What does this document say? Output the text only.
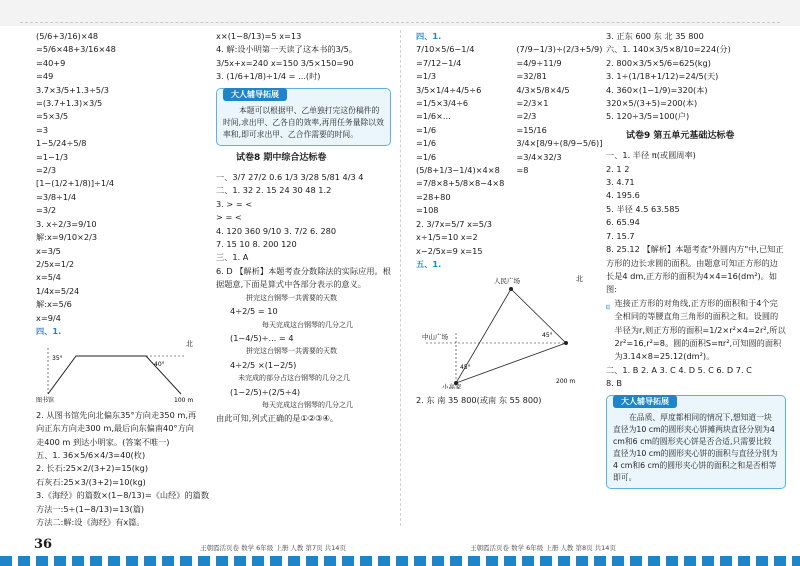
(5/6+3/16)×48
=5/6×48+3/16×48
=40+9
=49
3.7×3/5+1.3÷5/3
=(3.7+1.3)×3/5
=5×3/5
=3
1−5/24÷5/8
=1−1/3
=2/3
[1−(1/2+1/8)]÷1/4
=3/8÷1/4
=3/2
3. x÷2/3=9/10
解:x=9/10×2/3
x=3/5
2/5x=1/2
x=5/4
1/4x=5/24
解:x=5/6
x=9/4
四、1.
35°
40°
图书馆
北
100 m
2. 从图书馆先向北偏东35°方向走350 m,再向正东方向走300 m,最后向东偏南40°方向走400 m 到达小明家。(答案不唯一)
五、1. 36×5/6×4/3=40(枚)
2. 长石:25×2/(3+2)=15(kg)
石灰石:25×3/(3+2)=10(kg)
3.《海经》的篇数×(1−8/13)=《山经》的篇数
方法一:5÷(1−8/13)=13(篇)
方法二:解:设《海经》有x篇。
x×(1−8/13)=5 x=13
4. 解:设小明第一天读了这本书的3/5。
3/5x+x=240 x=150 3/5×150=90
3. (1/6+1/8)÷1/4 = ...(时)
大人辅导拓展

本题可以根据甲、乙单独打完这份稿件的时间,求出甲、乙各自的效率,再用任务量除以效率和,即可求出甲、乙合作需要的时间。

试卷8 期中综合达标卷
一、3/7 27/2 0.6 1/3 3/28 5/81 4/3 4
二、1. 32 2. 15 24 30 48 1.2
3. > = <
> = <
4. 120 360 9/10 3. 7/2 6. 280
7. 15 10 8. 200 120
三、1. A
6. D 【解析】本题考查分数除法的实际应用。根据题意,下面是算式中各部分表示的意义。
拼完这台钢琴一共需要的天数
4÷2/5 = 10
每天完成这台钢琴的几分之几
(1−4/5)÷... = 4
拼完这台钢琴一共需要的天数
4÷2/5 ×(1−2/5)
未完成的部分占这台钢琴的几分之几
(1−2/5)÷(2/5÷4)
每天完成这台钢琴的几分之几
由此可知,列式正确的是①②③④。
四、1.
7/10×5/6−1/4
=7/12−1/4
=1/3
3/5×1/4÷4/5÷6
=1/5×3/4÷6
=1/6×...
=1/6
=1/6
=1/6
(5/8+1/3−1/4)×4×8
=7/8×8+5/8×8−4×8
=28+80
=108
(7/9−1/3)÷(2/3+5/9)
=4/9÷11/9
=32/81
4/3×5/8×4/5
=2/3×1
=2/3
=15/16
3/4×[8/9÷(8/9−5/6)]
=3/4×32/3
=8
2. 3/7x=5/7 x=5/3
x÷1/5=10 x=2
x−2/5x=9 x=15
五、1.
人民广场
中山广场	45°
45°
小高家
200 m
北
2. 东 南 35 800(或南 东 55 800)
3. 正东 600 东 北 35 800
六、1. 140×3/5×8/10=224(分)
2. 800×3/5×5/6=625(kg)
3. 1÷(1/18+1/12)=24/5(天)
4. 360×(1−1/9)=320(本)
320×5/(3+5)=200(本)
5. 120÷3/5=100(户)
试卷9 第五单元基础达标卷
一、1. 半径 π(或圆周率)
2. 1 2
3. 4.71
4. 195.6
5. 半径 4.5 63.585
6. 65.94
7. 15.7
8. 25.12 【解析】本题考查"外圆内方"中,已知正方形的边长求圆的面积。由题意可知正方形的边长是4 dm,正方形的面积为4×4=16(dm²)。如图:
连接正方形的对角线,正方形的面积和于4个完全相同的等腰直角三角形的面积之和。设圆的半径为r,则正方形的面积=1/2×r²×4=2r²,所以2r²=16,r²=8。圆的面积S=πr²,可知圆的面积为3.14×8=25.12(dm²)。
二、1. B 2. A 3. C 4. D 5. C 6. D 7. C
8. B
大人辅导拓展

在品质、厚度都相同的情况下,想知道一块直径为10 cm的圆形夹心饼摊两块直径分别为4 cm和6 cm的圆形夹心饼是否合适,只需要比较直径为10 cm的圆形夹心饼的面积与直径分别为4 cm和6 cm的圆形夹心饼的面积之和是否相等即可。

36	王朝霞活页卷 数学 6年级 上册 人教 第7页 共14页	王朝霞活页卷 数学 6年级 上册 人教 第8页 共14页
